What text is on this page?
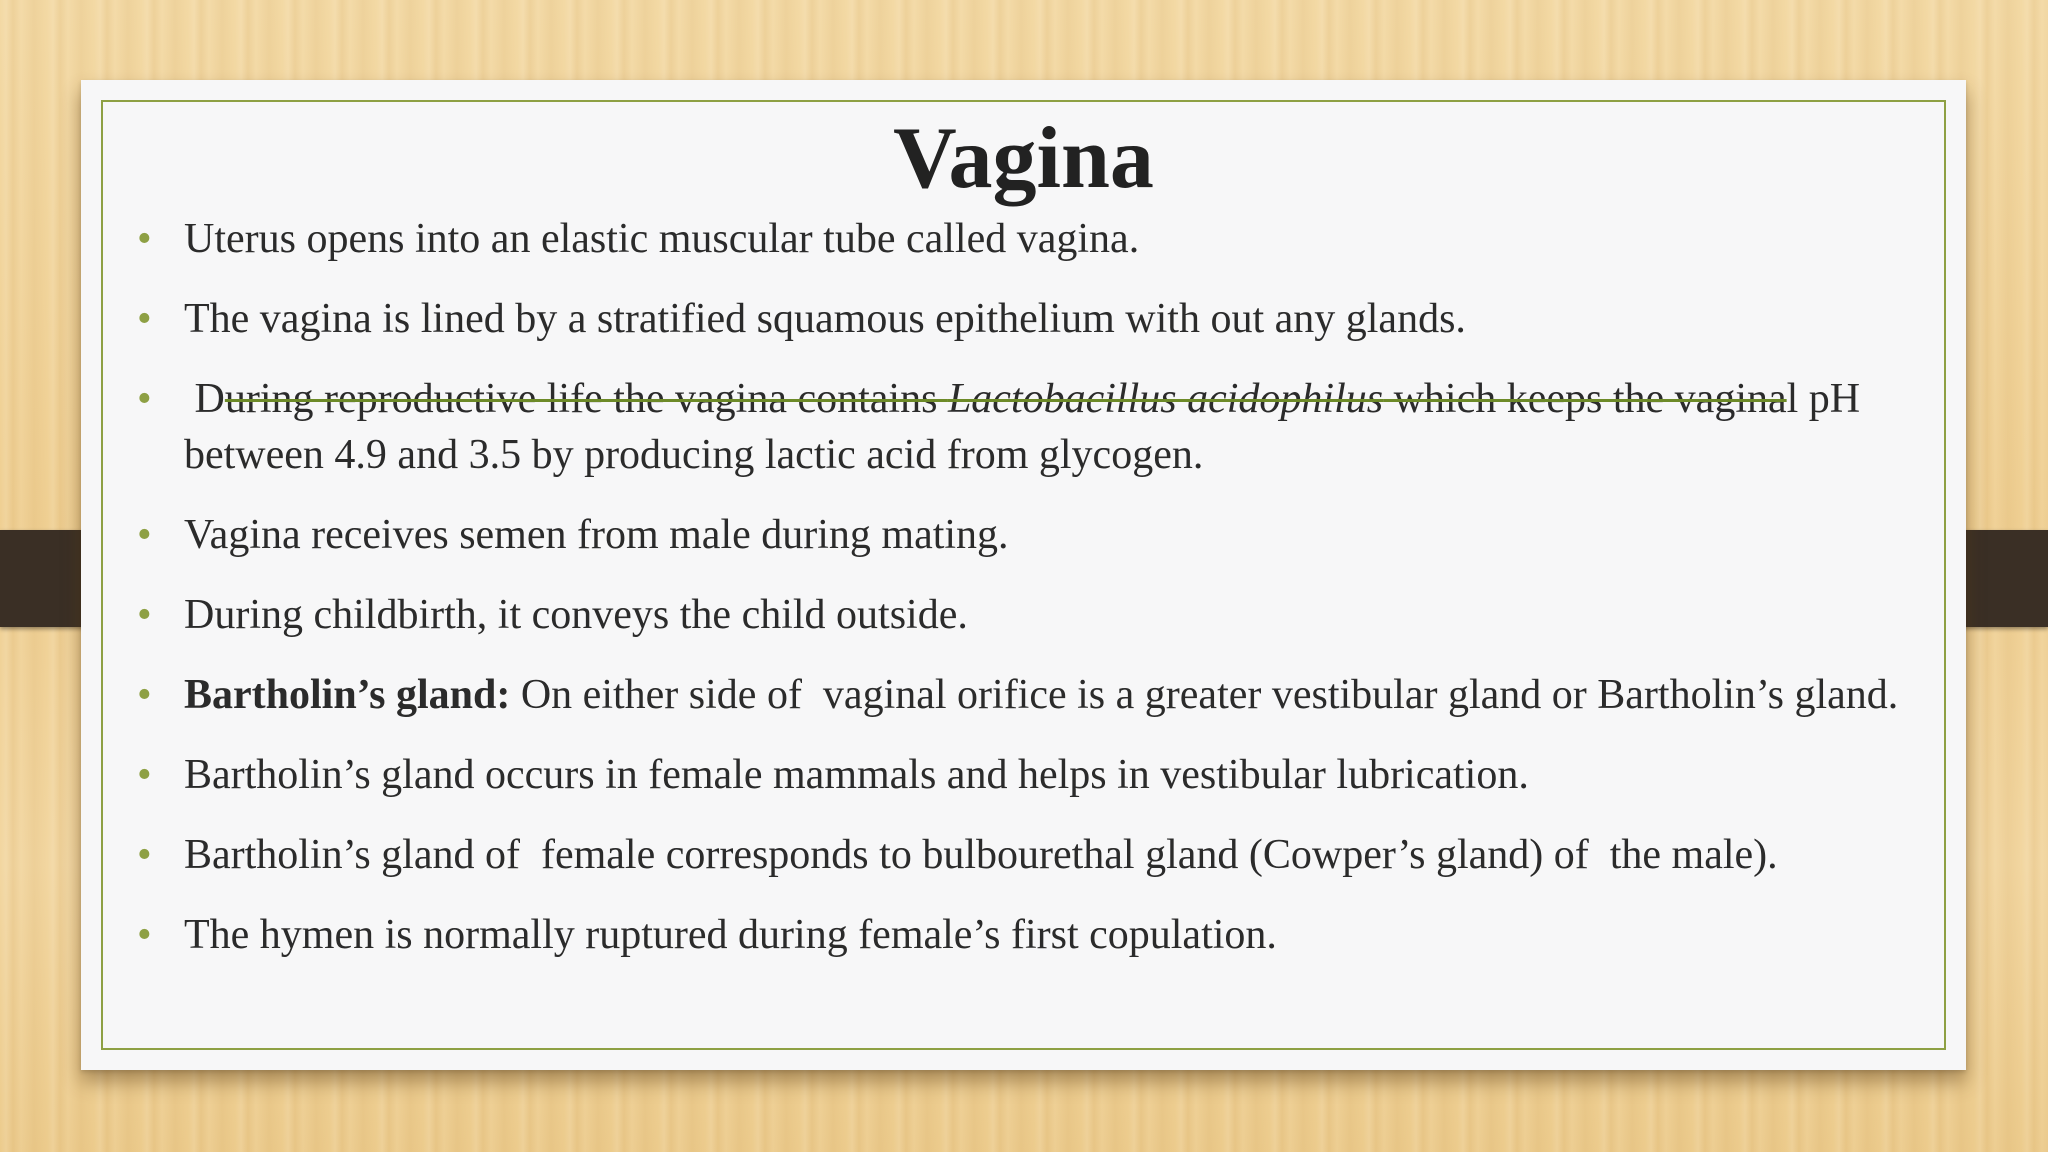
Vagina
• Uterus opens into an elastic muscular tube called vagina.
• The vagina is lined by a stratified squamous epithelium with out any glands.
• During reproductive life the vagina contains Lactobacillus acidophilus which keeps the vaginal pH between 4.9 and 3.5 by producing lactic acid from glycogen.
• Vagina receives semen from male during mating.
• During childbirth, it conveys the child outside.
• Bartholin’s gland: On either side of  vaginal orifice is a greater vestibular gland or Bartholin’s gland.
• Bartholin’s gland occurs in female mammals and helps in vestibular lubrication.
• Bartholin’s gland of  female corresponds to bulbourethal gland (Cowper’s gland) of  the male).
• The hymen is normally ruptured during female’s first copulation.
